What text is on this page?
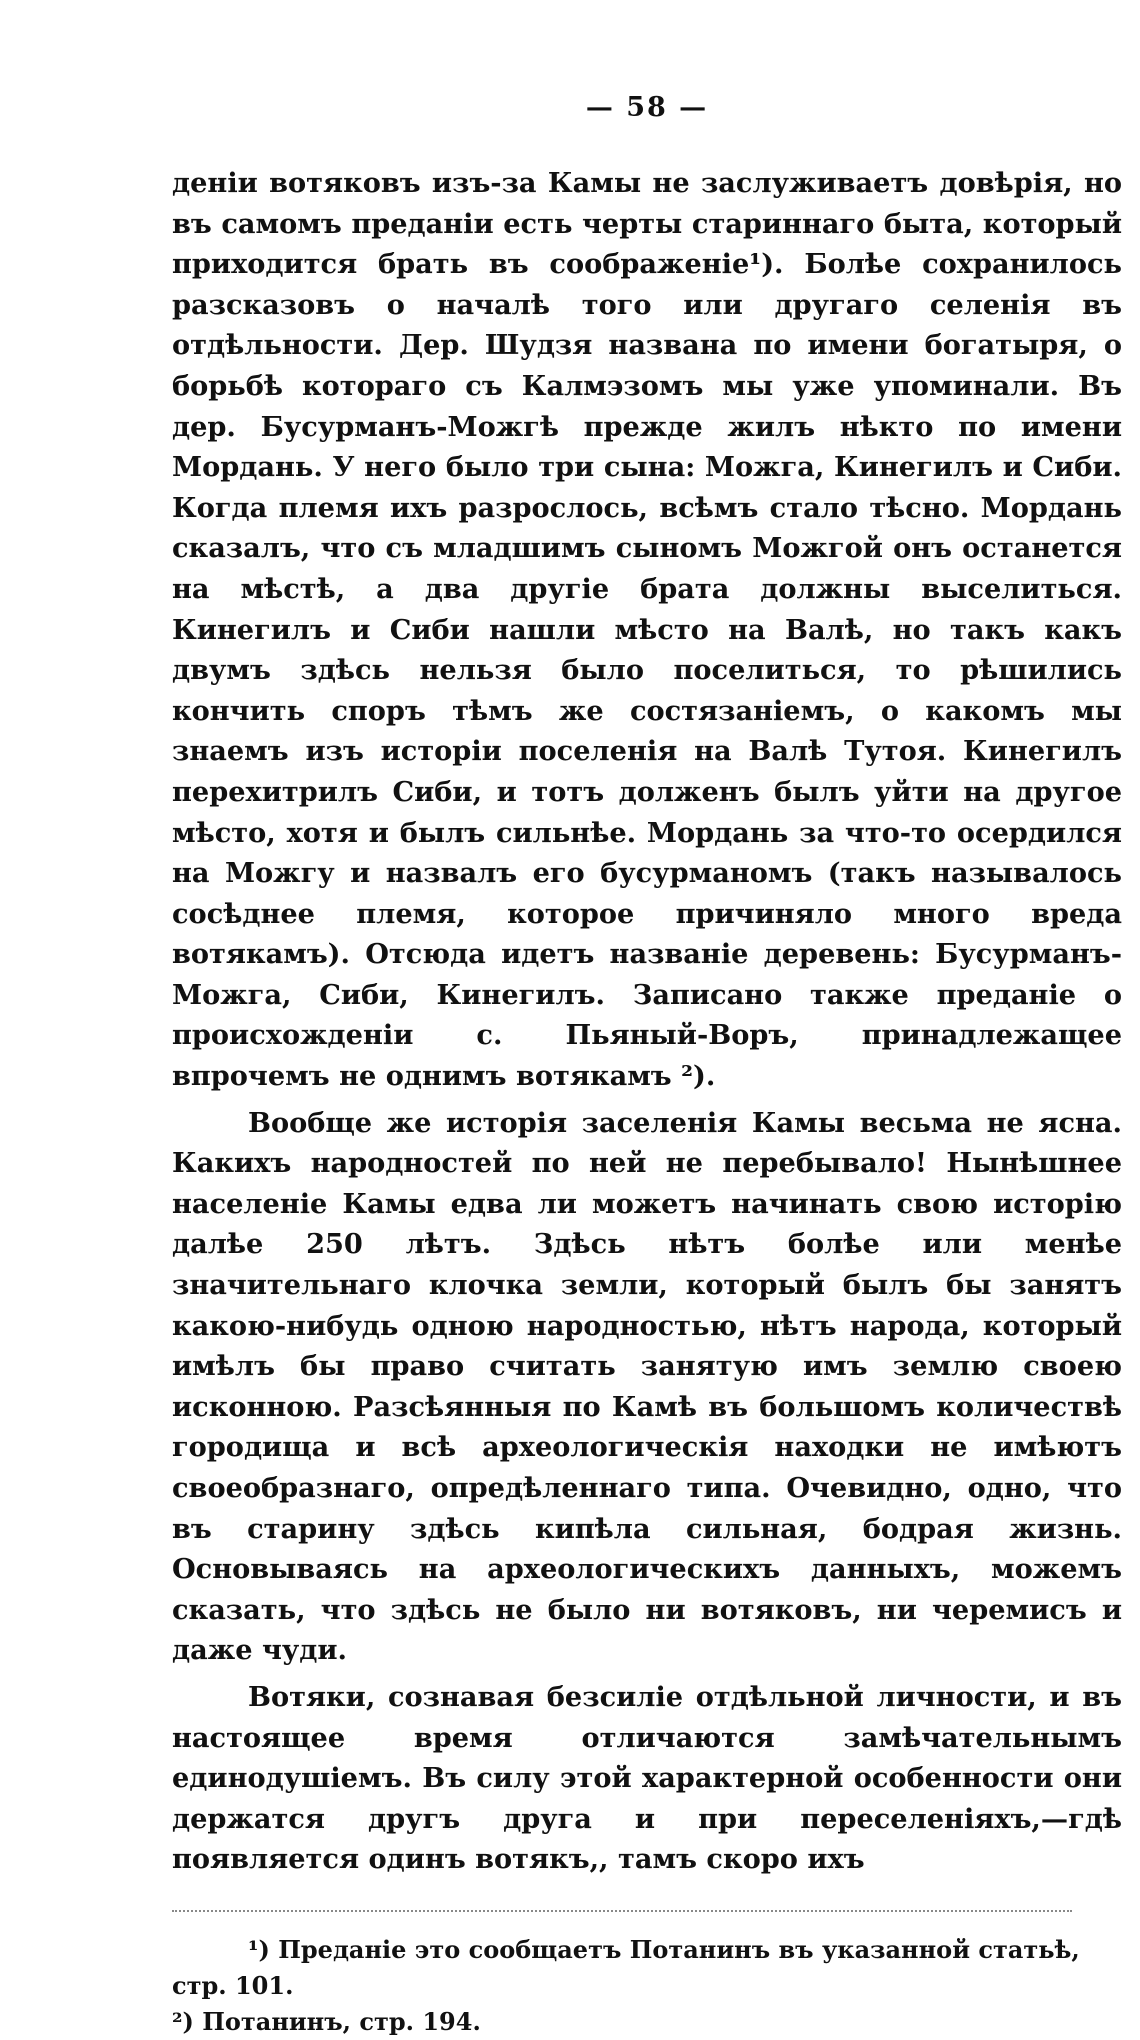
— 58 —

денiи вотяковъ изъ-за Камы не заслуживаетъ довѣрiя, но въ самомъ преданiи есть черты стариннаго быта, который приходится брать въ соображенiе¹). Болѣе сохранилось разсказовъ о началѣ того или другаго селенiя въ отдѣльности. Дер. Шудзя названа по имени богатыря, о борьбѣ котораго съ Калмэзомъ мы уже упоминали. Въ дер. Бусурманъ-Можгѣ прежде жилъ нѣкто по имени Мордань. У него было три сына: Можга, Кинегилъ и Сиби. Когда племя ихъ разрослось, всѣмъ стало тѣсно. Мордань сказалъ, что съ младшимъ сыномъ Можгой онъ останется на мѣстѣ, а два другiе брата должны выселиться. Кинегилъ и Сиби нашли мѣсто на Валѣ, но такъ какъ двумъ здѣсь нельзя было поселиться, то рѣшились кончить споръ тѣмъ же состязанiемъ, о какомъ мы знаемъ изъ исторiи поселенiя на Валѣ Тутоя. Кинегилъ перехитрилъ Сиби, и тотъ долженъ былъ уйти на другое мѣсто, хотя и былъ сильнѣе. Мордань за что-то осердился на Можгу и назвалъ его бусурманомъ (такъ называлось сосѣднее племя, которое причиняло много вреда вотякамъ). Отсюда идетъ названiе деревень: Бусурманъ-Можга, Сиби, Кинегилъ. Записано также преданiе о происхожденiи с. Пьяный-Воръ, принадлежащее впрочемъ не однимъ вотякамъ ²).

Вообще же исторiя заселенiя Камы весьма не ясна. Какихъ народностей по ней не перебывало! Нынѣшнее населенiе Камы едва ли можетъ начинать свою исторiю далѣе 250 лѣтъ. Здѣсь нѣтъ болѣе или менѣе значительнаго клочка земли, который былъ бы занятъ какою-нибудь одною народностью, нѣтъ народа, который имѣлъ бы право считать занятую имъ землю своею исконною. Разсѣянныя по Камѣ въ большомъ количествѣ городища и всѣ археологическiя находки не имѣютъ своеобразнаго, опредѣленнаго типа. Очевидно, одно, что въ старину здѣсь кипѣла сильная, бодрая жизнь. Основываясь на археологическихъ данныхъ, можемъ сказать, что здѣсь не было ни вотяковъ, ни черемисъ и даже чуди.

Вотяки, сознавая безсилiе отдѣльной личности, и въ настоящее время отличаются замѣчательнымъ единодушiемъ. Въ силу этой характерной особенности они держатся другъ друга и при переселенiяхъ,—гдѣ появляется одинъ вотякъ,, тамъ скоро ихъ

¹) Преданiе это сообщаетъ Потанинъ въ указанной статьѣ, стр. 101.

²) Потанинъ, стр. 194.
